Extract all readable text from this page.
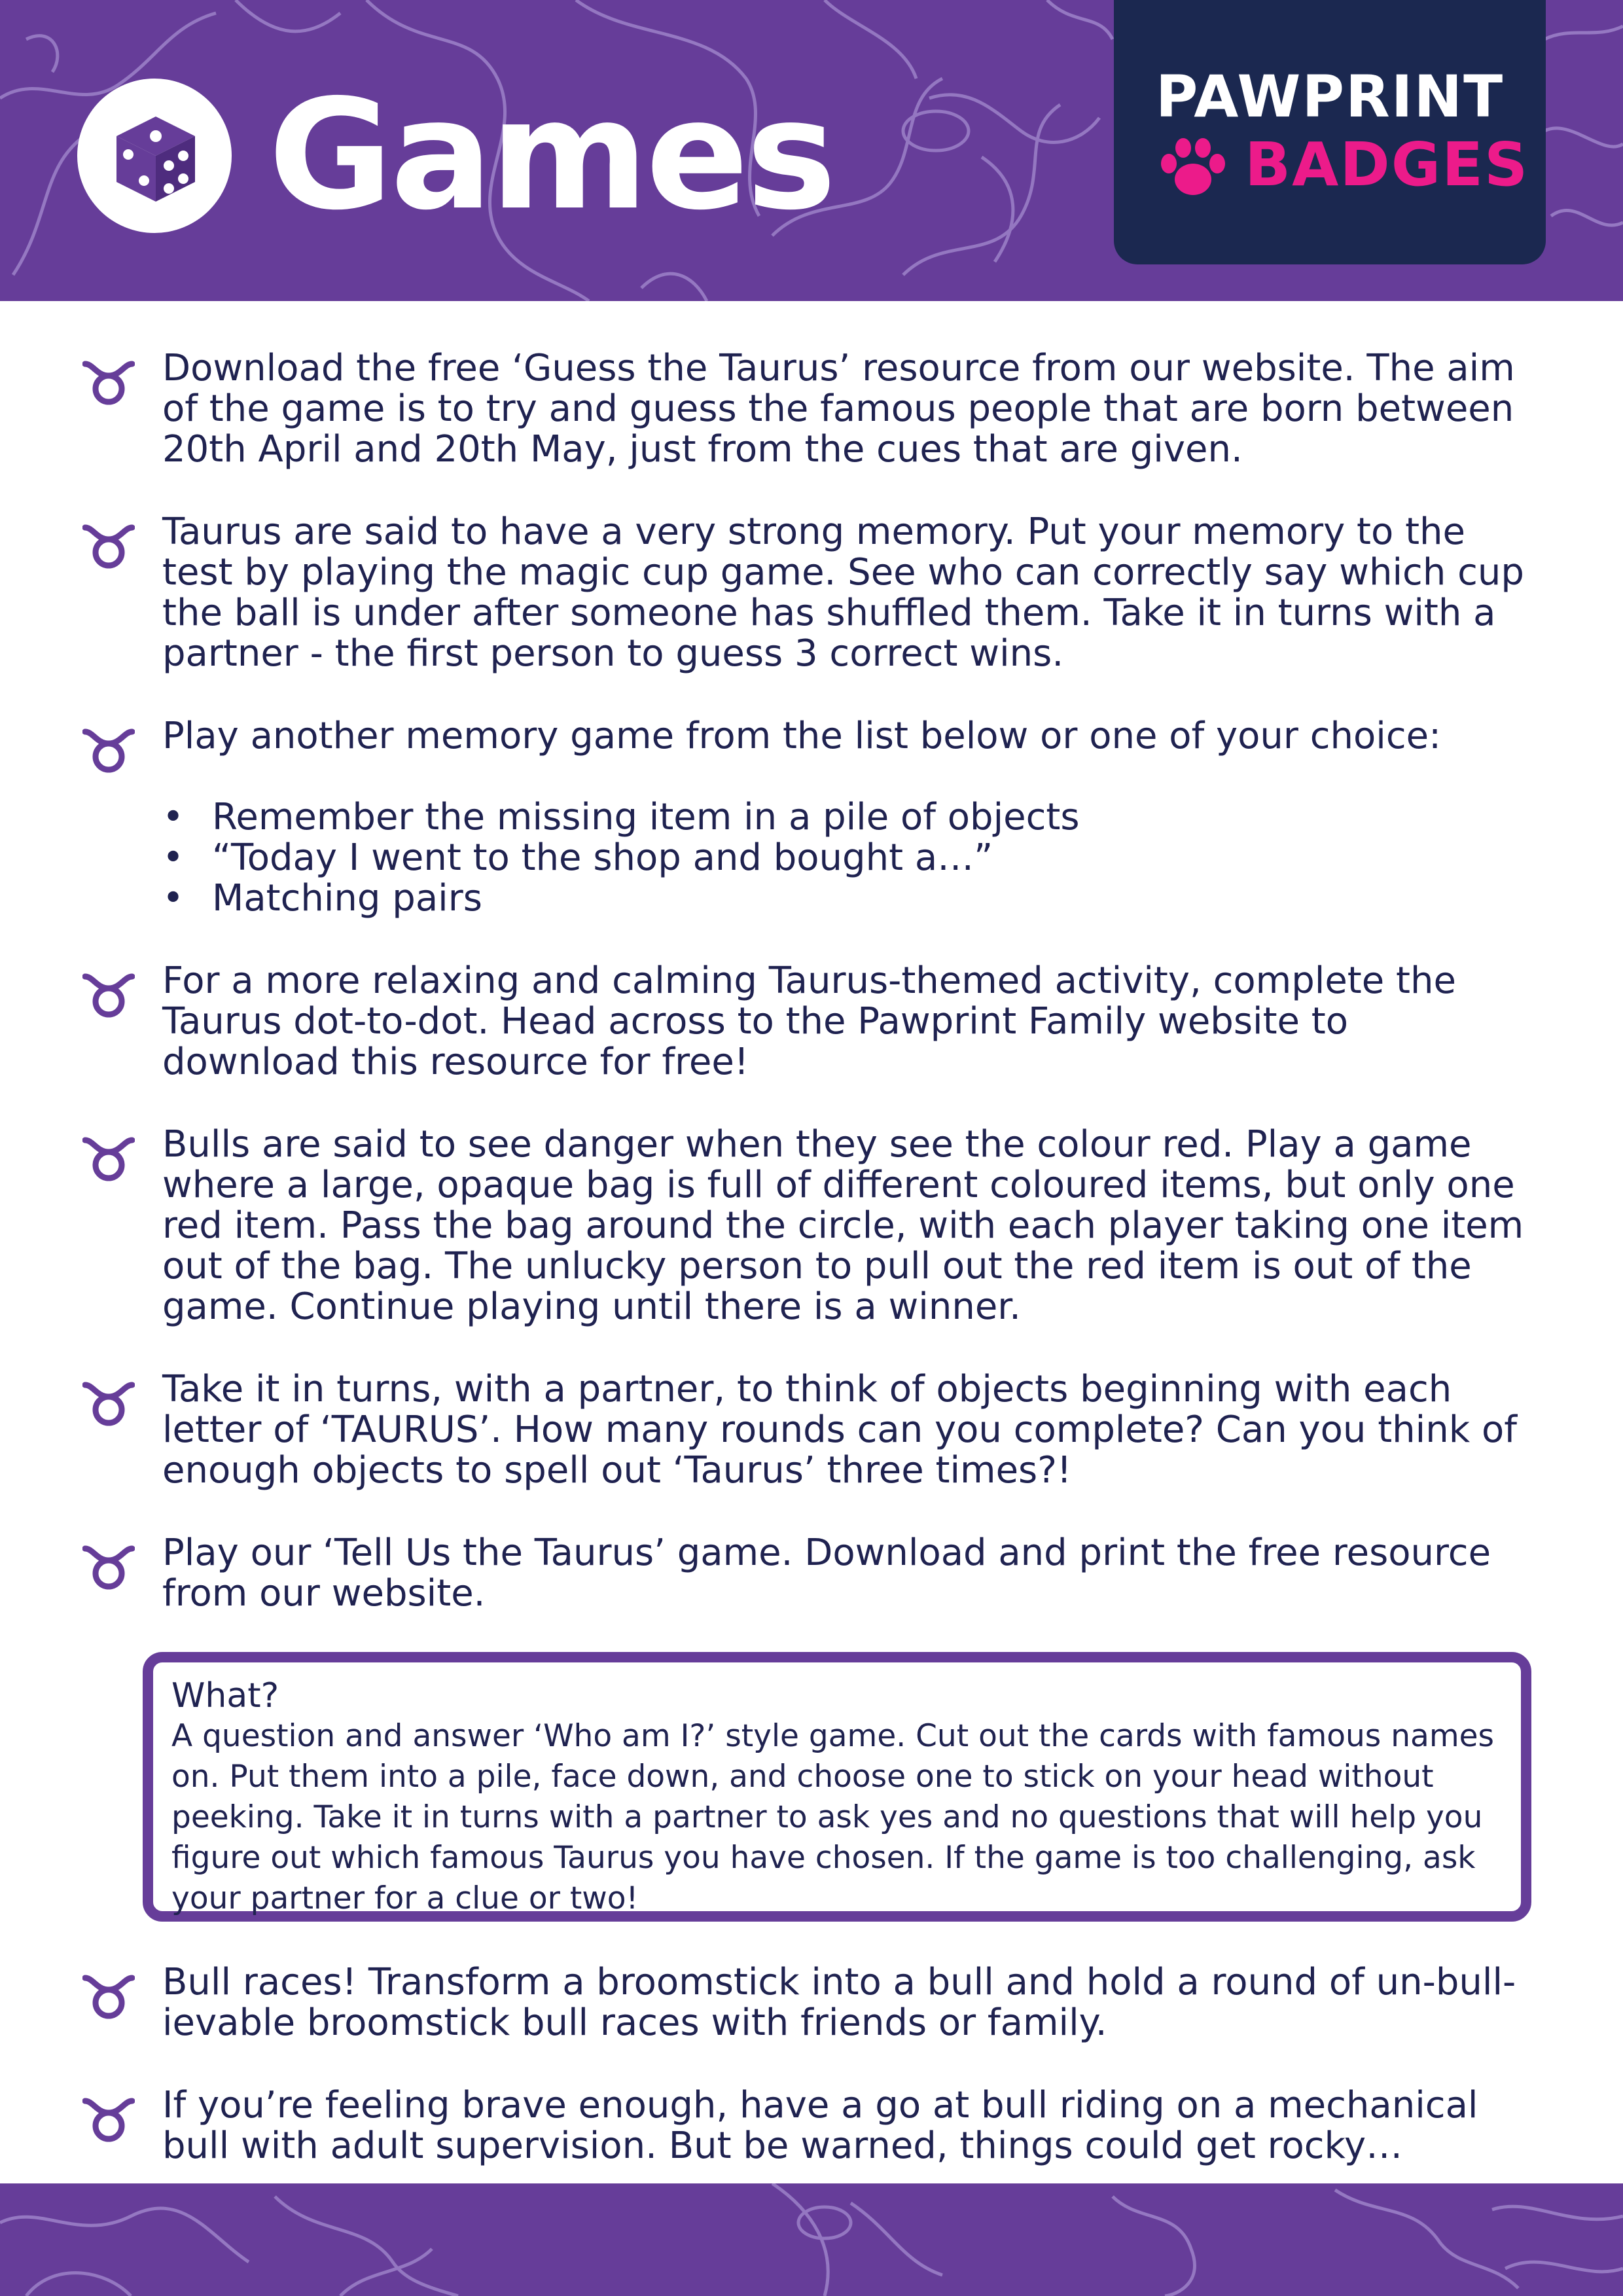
Games	PAWPRINT
BADGES
Download the free ‘Guess the Taurus’ resource from our website. The aim of the game is to try and guess the famous people that are born between 20th April and 20th May, just from the cues that are given.
Taurus are said to have a very strong memory. Put your memory to the test by playing the magic cup game. See who can correctly say which cup the ball is under after someone has shuffled them. Take it in turns with a partner - the first person to guess 3 correct wins.
Play another memory game from the list below or one of your choice:
• Remember the missing item in a pile of objects
• “Today I went to the shop and bought a…”
• Matching pairs
For a more relaxing and calming Taurus-themed activity, complete the Taurus dot-to-dot. Head across to the Pawprint Family website to download this resource for free!
Bulls are said to see danger when they see the colour red. Play a game where a large, opaque bag is full of different coloured items, but only one red item. Pass the bag around the circle, with each player taking one item out of the bag. The unlucky person to pull out the red item is out of the game. Continue playing until there is a winner.
Take it in turns, with a partner, to think of objects beginning with each letter of ‘TAURUS’. How many rounds can you complete? Can you think of enough objects to spell out ‘Taurus’ three times?!
Play our ‘Tell Us the Taurus’ game. Download and print the free resource from our website.
What?
A question and answer ‘Who am I?’ style game. Cut out the cards with famous names on. Put them into a pile, face down, and choose one to stick on your head without peeking. Take it in turns with a partner to ask yes and no questions that will help you figure out which famous Taurus you have chosen. If the game is too challenging, ask your partner for a clue or two!
Bull races! Transform a broomstick into a bull and hold a round of un-bull-ievable broomstick bull races with friends or family.
If you’re feeling brave enough, have a go at bull riding on a mechanical bull with adult supervision. But be warned, things could get rocky…
